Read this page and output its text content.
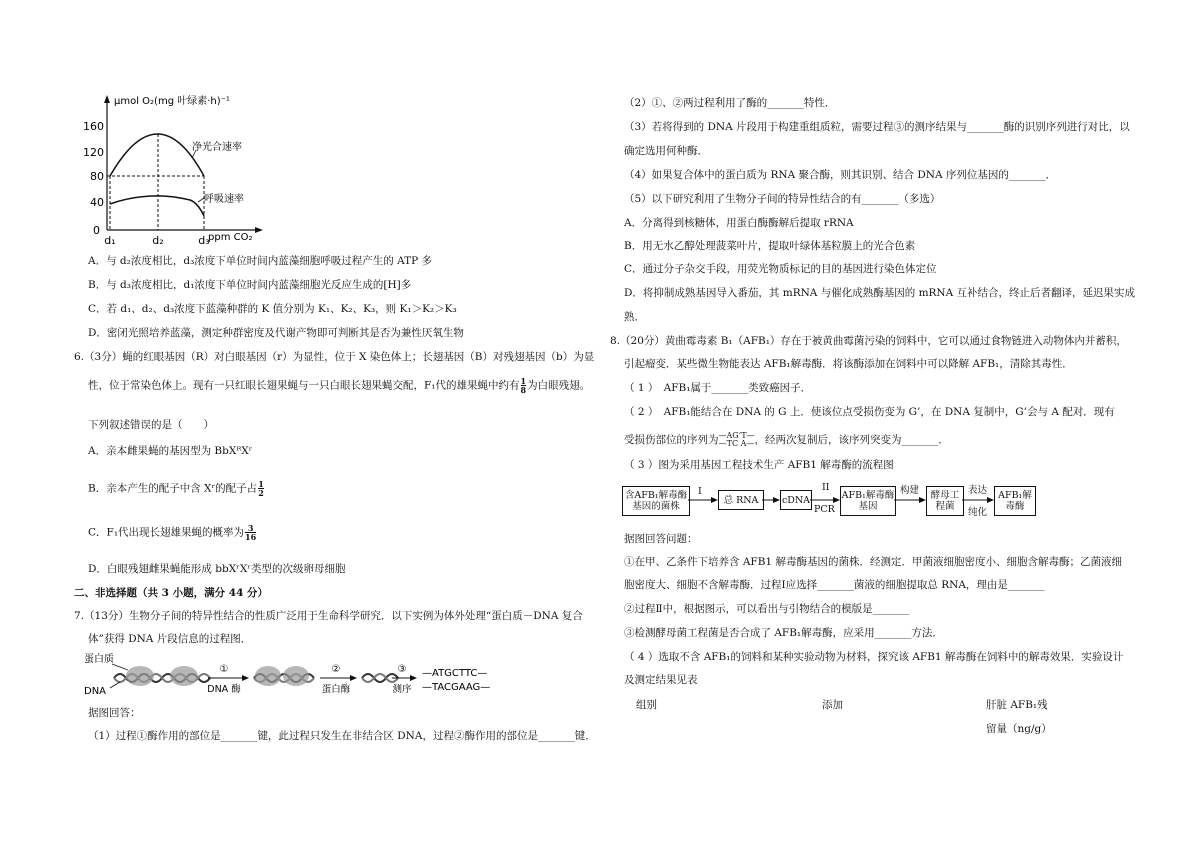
160
120
80
40
0
d₁	d₂	d₃
ppm CO₂
μmol O₂(mg 叶绿素·h)⁻¹
净光合速率
呼吸速率
A．与 d₂浓度相比，d₃浓度下单位时间内蓝藻细胞呼吸过程产生的 ATP 多
B．与 d₃浓度相比，d₁浓度下单位时间内蓝藻细胞光反应生成的[H]多
C．若 d₁、d₂、d₃浓度下蓝藻种群的 K 值分别为 K₁、K₂、K₃，则 K₁＞K₂＞K₃
D．密闭光照培养蓝藻，测定种群密度及代谢产物即可判断其是否为兼性厌氧生物
6.（3分）蝇的红眼基因（R）对白眼基因（r）为显性，位于 X 染色体上；长翅基因（B）对残翅基因（b）为显
性，位于常染色体上。现有一只红眼长翅果蝇与一只白眼长翅果蝇交配，F₁代的雄果蝇中约有 $\frac{1}{8}$ 为白眼残翅。
下列叙述错误的是（　　）
A．亲本雌果蝇的基因型为 BbXᴿXʳ
B．亲本产生的配子中含 Xʳ的配子占 $\frac{1}{2}$
C．F₁代出现长翅雄果蝇的概率为 $\frac{3}{16}$
D．白眼残翅雌果蝇能形成 bbXʳXʳ类型的次级卵母细胞
二、非选择题（共 3 小题，满分 44 分）
7.（13分）生物分子间的特异性结合的性质广泛用于生命科学研究．以下实例为体外处理“蛋白质－DNA 复合
体”获得 DNA 片段信息的过程图．
蛋白质
DNA
①
DNA 酶
②
蛋白酶
③
测序
—ATGCTTC—
—TACGAAG—
据图回答：
（1）过程①酶作用的部位是_______键，此过程只发生在非结合区 DNA，过程②酶作用的部位是_______键．
（2）①、②两过程利用了酶的_______特性．
（3）若将得到的 DNA 片段用于构建重组质粒，需要过程③的测序结果与_______酶的识别序列进行对比，以
确定选用何种酶．
（4）如果复合体中的蛋白质为 RNA 聚合酶，则其识别、结合 DNA 序列位基因的_______．
（5）以下研究利用了生物分子间的特异性结合的有_______（多选）
A．分离得到核糖体，用蛋白酶酶解后提取 rRNA
B．用无水乙醇处理菠菜叶片，提取叶绿体基粒膜上的光合色素
C．通过分子杂交手段，用荧光物质标记的目的基因进行染色体定位
D．将抑制成熟基因导入番茄，其 mRNA 与催化成熟酶基因的 mRNA 互补结合，终止后者翻译，延迟果实成
熟．
8.（20分）黄曲霉毒素 B₁（AFB₁）存在于被黄曲霉菌污染的饲料中，它可以通过食物链进入动物体内并蓄积，
引起瘤变．某些微生物能表达 AFB₁解毒酶．将该酶添加在饲料中可以降解 AFB₁，清除其毒性．
（ 1 ）　AFB₁属于_______类致癌因子．
（ 2 ）　AFB₁能结合在 DNA 的 G 上．使该位点受损伤变为 G’，在 DNA 复制中，G’会与 A 配对．现有
受损伤部位的序列为 —AG’T—
—TC A— ，经两次复制后，该序列突变为_______．
（ 3 ）图为采用基因工程技术生产 AFB1 解毒酶的流程图
含AFB₁解毒酶基因的菌株
I
总 RNA	cDNA
II
PCR
AFB₁解毒酶基因
构建	酵母工程菌
表达
纯化
AFB₁解毒酶
据图回答问题：
①在甲、乙条件下培养含 AFB1 解毒酶基因的菌株．经测定．甲菌液细胞密度小、细胞含解毒酶；乙菌液细
胞密度大、细胞不含解毒酶．过程Ⅰ应选择_______菌液的细胞提取总 RNA，理由是_______
②过程Ⅱ中，根据图示，可以看出与引物结合的模版是_______
③检测酵母菌工程菌是否合成了 AFB₁解毒酶，应采用_______方法．
（ 4 ）选取不含 AFB₁的饲料和某种实验动物为材料，探究该 AFB1 解毒酶在饲料中的解毒效果．实验设计
及测定结果见表
组别	添加	肝脏 AFB₁残
留量（ng/g）
